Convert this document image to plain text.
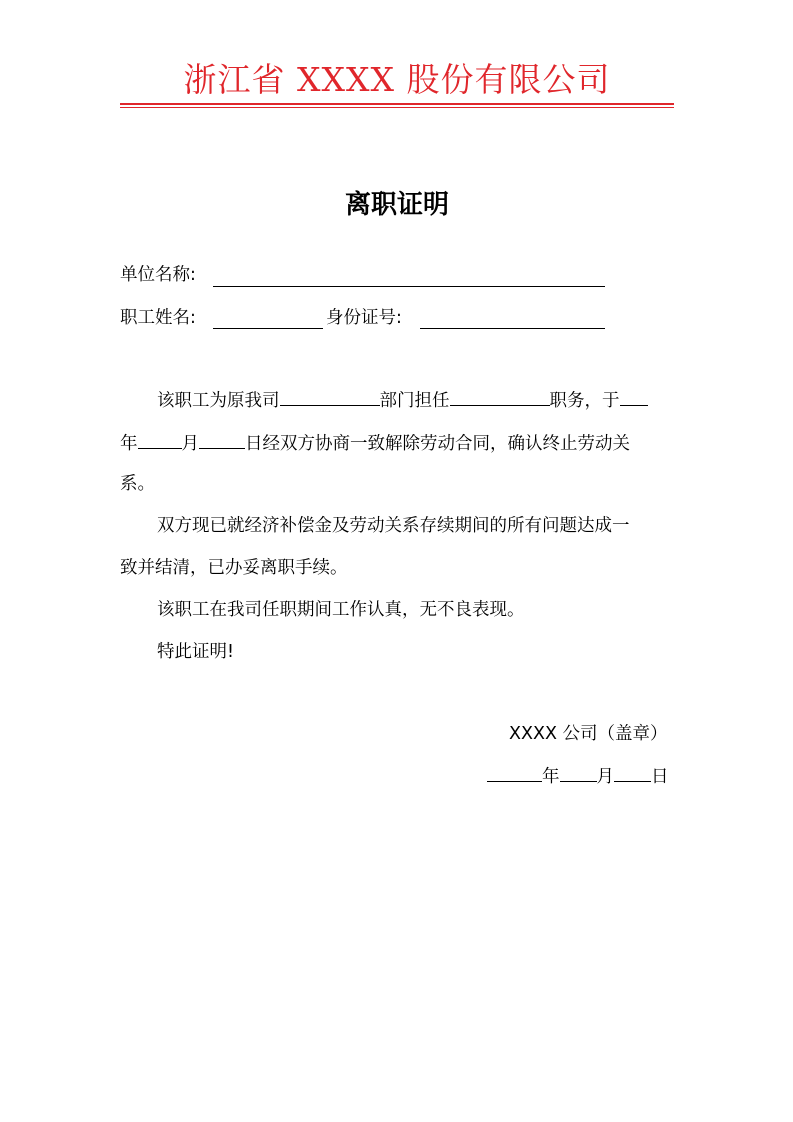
浙江省 XXXX 股份有限公司
离职证明
单位名称:
职工姓名:	身份证号:
该职工为原我司	部门担任	职务，于
年	月	日经双方协商一致解除劳动合同，确认终止劳动关
系。
双方现已就经济补偿金及劳动关系存续期间的所有问题达成一
致并结清，已办妥离职手续。
该职工在我司任职期间工作认真，无不良表现。
特此证明!
XXXX 公司（盖章）
年 月 日
